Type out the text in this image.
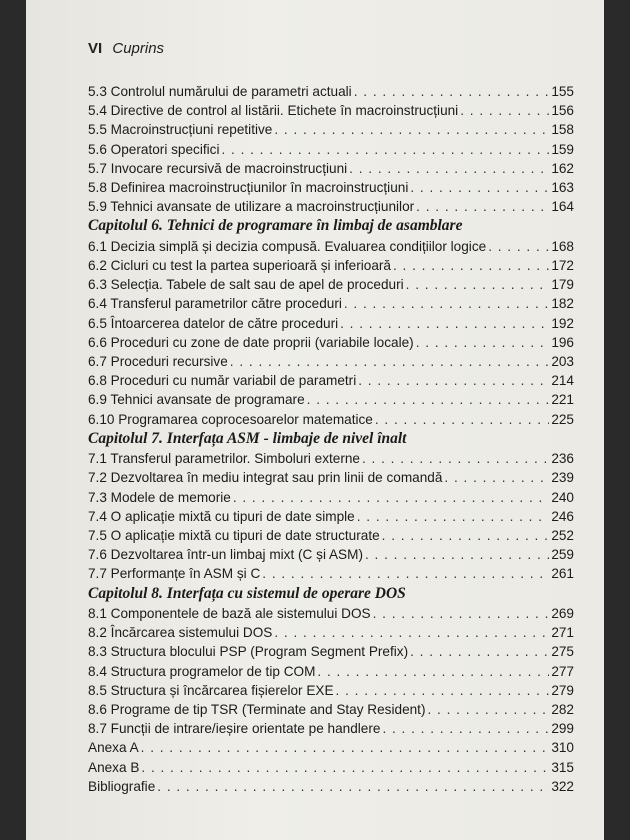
VI Cuprins
5.3 Controlul numărului de parametri actuali . . .	155
5.4 Directive de control al listării. Etichete în macroinstrucțiuni . . .	156
5.5 Macroinstrucțiuni repetitive . . .	158
5.6 Operatori specifici . . .	159
5.7 Invocare recursivă de macroinstrucțiuni . . .	162
5.8 Definirea macroinstrucțiunilor în macroinstrucțiuni . . .	163
5.9 Tehnici avansate de utilizare a macroinstrucțiunilor . . .	164
Capitolul 6. Tehnici de programare în limbaj de asamblare
6.1 Decizia simplă și decizia compusă. Evaluarea condițiilor logice . . .	168
6.2 Cicluri cu test la partea superioară și inferioară . . .	172
6.3 Selecția. Tabele de salt sau de apel de proceduri . . .	179
6.4 Transferul parametrilor către proceduri . . .	182
6.5 Întoarcerea datelor de către proceduri . . .	192
6.6 Proceduri cu zone de date proprii (variabile locale) . . .	196
6.7 Proceduri recursive . . .	203
6.8 Proceduri cu număr variabil de parametri . . .	214
6.9 Tehnici avansate de programare . . .	221
6.10 Programarea coprocesoarelor matematice . . .	225
Capitolul 7. Interfața ASM - limbaje de nivel înalt
7.1 Transferul parametrilor. Simboluri externe . . .	236
7.2 Dezvoltarea în mediu integrat sau prin linii de comandă . . .	239
7.3 Modele de memorie . . .	240
7.4 O aplicație mixtă cu tipuri de date simple . . .	246
7.5 O aplicație mixtă cu tipuri de date structurate . . .	252
7.6 Dezvoltarea într-un limbaj mixt (C și ASM) . . .	259
7.7 Performanțe în ASM și C . . .	261
Capitolul 8. Interfața cu sistemul de operare DOS
8.1 Componentele de bază ale sistemului DOS . . .	269
8.2 Încărcarea sistemului DOS . . .	271
8.3 Structura blocului PSP (Program Segment Prefix) . . .	275
8.4 Structura programelor de tip COM . . .	277
8.5 Structura și încărcarea fișierelor EXE . . .	279
8.6 Programe de tip TSR (Terminate and Stay Resident) . . .	282
8.7 Funcții de intrare/ieșire orientate pe handlere . . .	299
Anexa A . . .	310
Anexa B . . .	315
Bibliografie . . .	322
